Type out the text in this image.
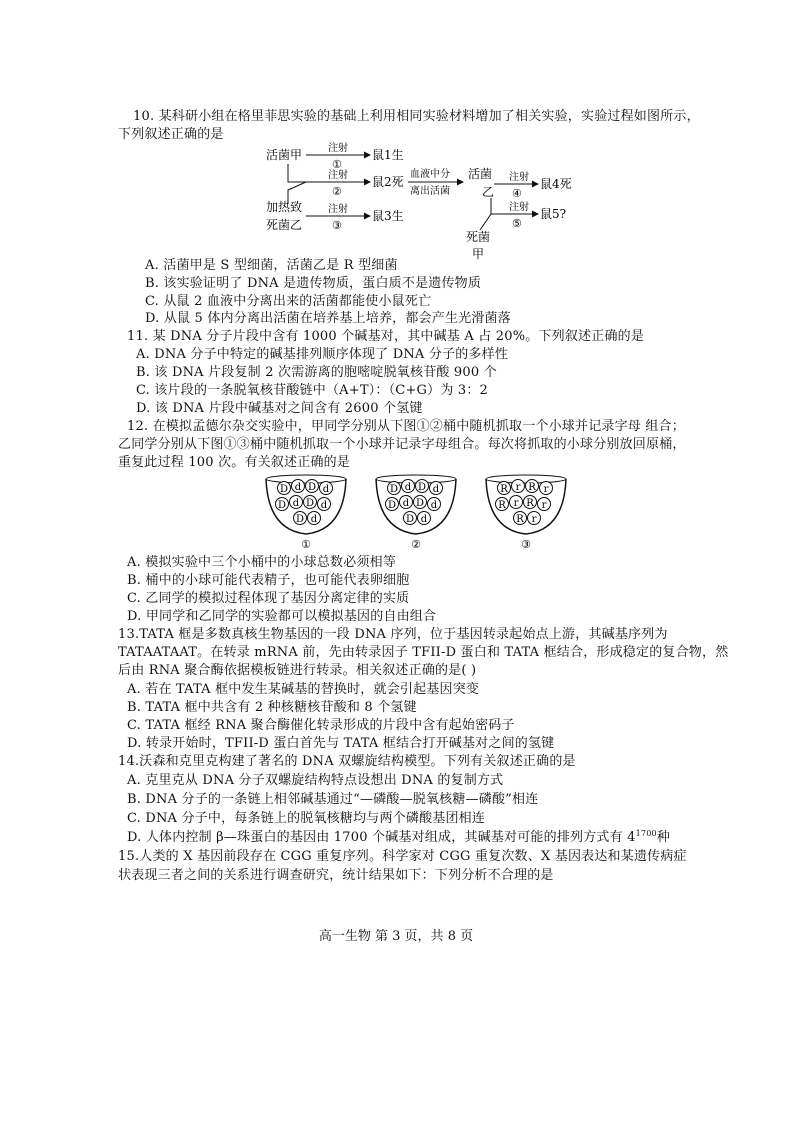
10. 某科研小组在格里菲思实验的基础上利用相同实验材料增加了相关实验，实验过程如图所示，
下列叙述正确的是
活菌甲	注射
①
鼠1生
注射
②
鼠2死
血液中分
离出活菌
加热致
死菌乙
注射
③
鼠3生
活菌
乙
注射
④
鼠4死
注射
⑤
鼠5?
死菌
甲
A. 活菌甲是 S 型细菌，活菌乙是 R 型细菌
B. 该实验证明了 DNA 是遗传物质，蛋白质不是遗传物质
C. 从鼠 2 血液中分离出来的活菌都能使小鼠死亡
D. 从鼠 5 体内分离出活菌在培养基上培养，都会产生光滑菌落
11. 某 DNA 分子片段中含有 1000 个碱基对，其中碱基 A 占 20%。下列叙述正确的是
A. DNA 分子中特定的碱基排列顺序体现了 DNA 分子的多样性
B. 该 DNA 片段复制 2 次需游离的胞嘧啶脱氧核苷酸 900 个
C. 该片段的一条脱氧核苷酸链中（A+T）：（C+G）为 3：2
D. 该 DNA 片段中碱基对之间含有 2600 个氢键
12. 在模拟孟德尔杂交实验中，甲同学分别从下图①②桶中随机抓取一个小球并记录字母 组合；
乙同学分别从下图①③桶中随机抓取一个小球并记录字母组合。每次将抓取的小球分别放回原桶，
重复此过程 100 次。有关叙述正确的是
D d D d
D d D d
D d
①
D d D d
D d D d
D d
②
R r R r
R r R r
R r
③
A. 模拟实验中三个小桶中的小球总数必须相等
B. 桶中的小球可能代表精子，也可能代表卵细胞
C. 乙同学的模拟过程体现了基因分离定律的实质
D. 甲同学和乙同学的实验都可以模拟基因的自由组合
13.TATA 框是多数真核生物基因的一段 DNA 序列，位于基因转录起始点上游，其碱基序列为
TATAATAAT。在转录 mRNA 前，先由转录因子 TFII-D 蛋白和 TATA 框结合，形成稳定的复合物，然
后由 RNA 聚合酶依据模板链进行转录。相关叙述正确的是( )
A. 若在 TATA 框中发生某碱基的替换时，就会引起基因突变
B. TATA 框中共含有 2 种核糖核苷酸和 8 个氢键
C. TATA 框经 RNA 聚合酶催化转录形成的片段中含有起始密码子
D. 转录开始时，TFII-D 蛋白首先与 TATA 框结合打开碱基对之间的氢键
14.沃森和克里克构建了著名的 DNA 双螺旋结构模型。下列有关叙述正确的是
A. 克里克从 DNA 分子双螺旋结构特点设想出 DNA 的复制方式
B. DNA 分子的一条链上相邻碱基通过“—磷酸—脱氧核糖—磷酸”相连
C. DNA 分子中，每条链上的脱氧核糖均与两个磷酸基团相连
D. 人体内控制 β—珠蛋白的基因由 1700 个碱基对组成，其碱基对可能的排列方式有 $4^{1700}$种
15.人类的 X 基因前段存在 CGG 重复序列。科学家对 CGG 重复次数、X 基因表达和某遗传病症
状表现三者之间的关系进行调查研究，统计结果如下：下列分析不合理的是
高一生物 第 3 页，共 8 页
